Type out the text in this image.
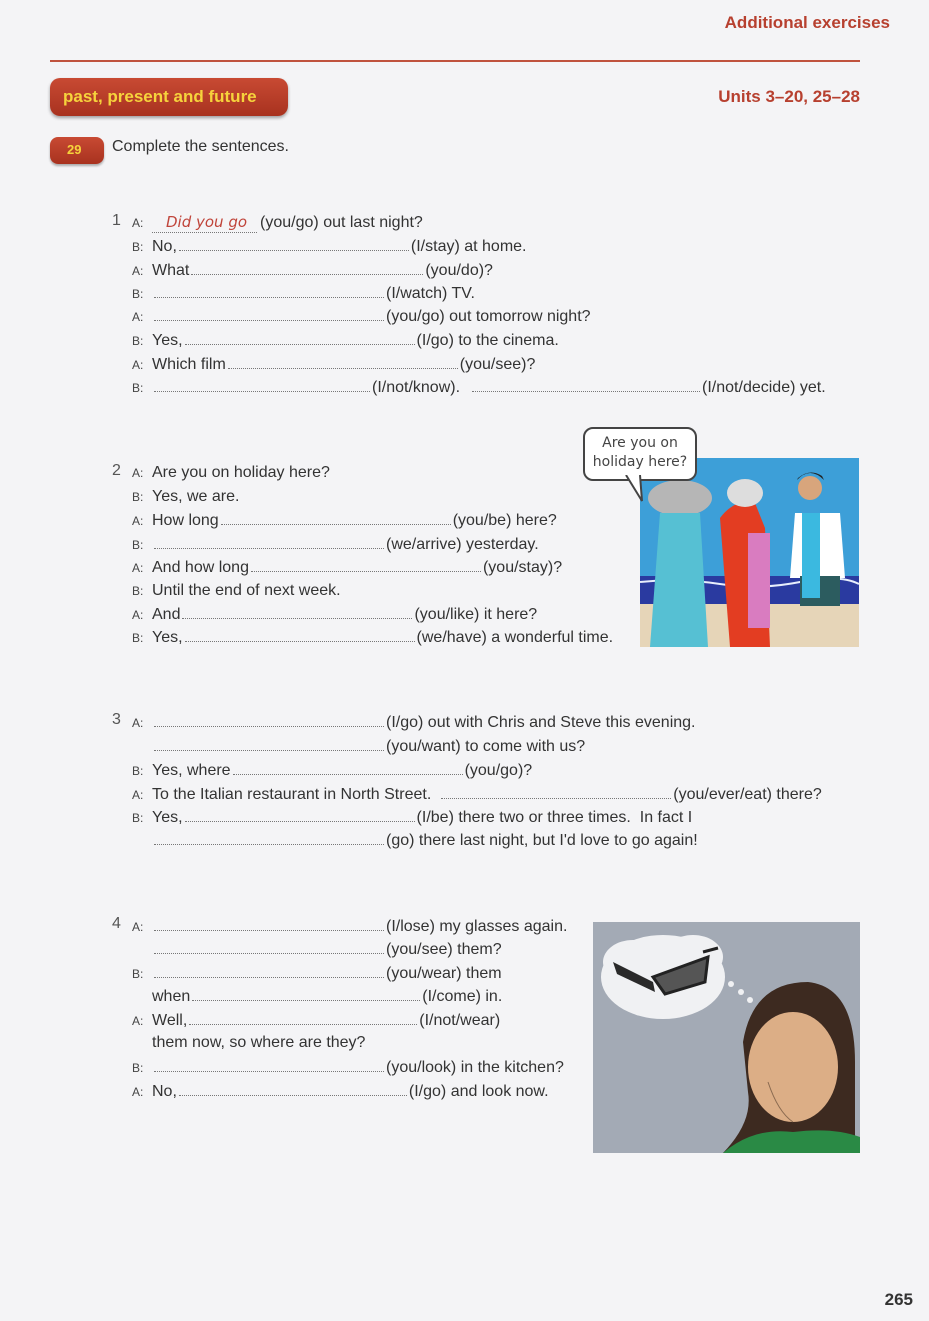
Additional exercises
past, present and future	Units 3–20, 25–28
29 Complete the sentences.
1 A: Did you go (you/go) out last night?
B: No,	(I/stay) at home.
A: What	(you/do)?
B:	(I/watch) TV.
A:	(you/go) out tomorrow night?
B: Yes,	(I/go) to the cinema.
A: Which film	(you/see)?
B:	(I/not/know).	(I/not/decide) yet.
2 A: Are you on holiday here?
B: Yes, we are.
A: How long	(you/be) here?
B:	(we/arrive) yesterday.
A: And how long	(you/stay)?
B: Until the end of next week.
A: And	(you/like) it here?
B: Yes,	(we/have) a wonderful time.
Are you on holiday here?
3 A:	(I/go) out with Chris and Steve this evening.
(you/want) to come with us?
B: Yes, where	(you/go)?
A: To the Italian restaurant in North Street.	(you/ever/eat) there?
B: Yes,	(I/be) there two or three times.  In fact I
(go) there last night, but I'd love to go again!
4 A:	(I/lose) my glasses again.
(you/see) them?
B:	(you/wear) them
when	(I/come) in.
A: Well,	(I/not/wear)
them now, so where are they?
B:	(you/look) in the kitchen?
A: No,	(I/go) and look now.
265
